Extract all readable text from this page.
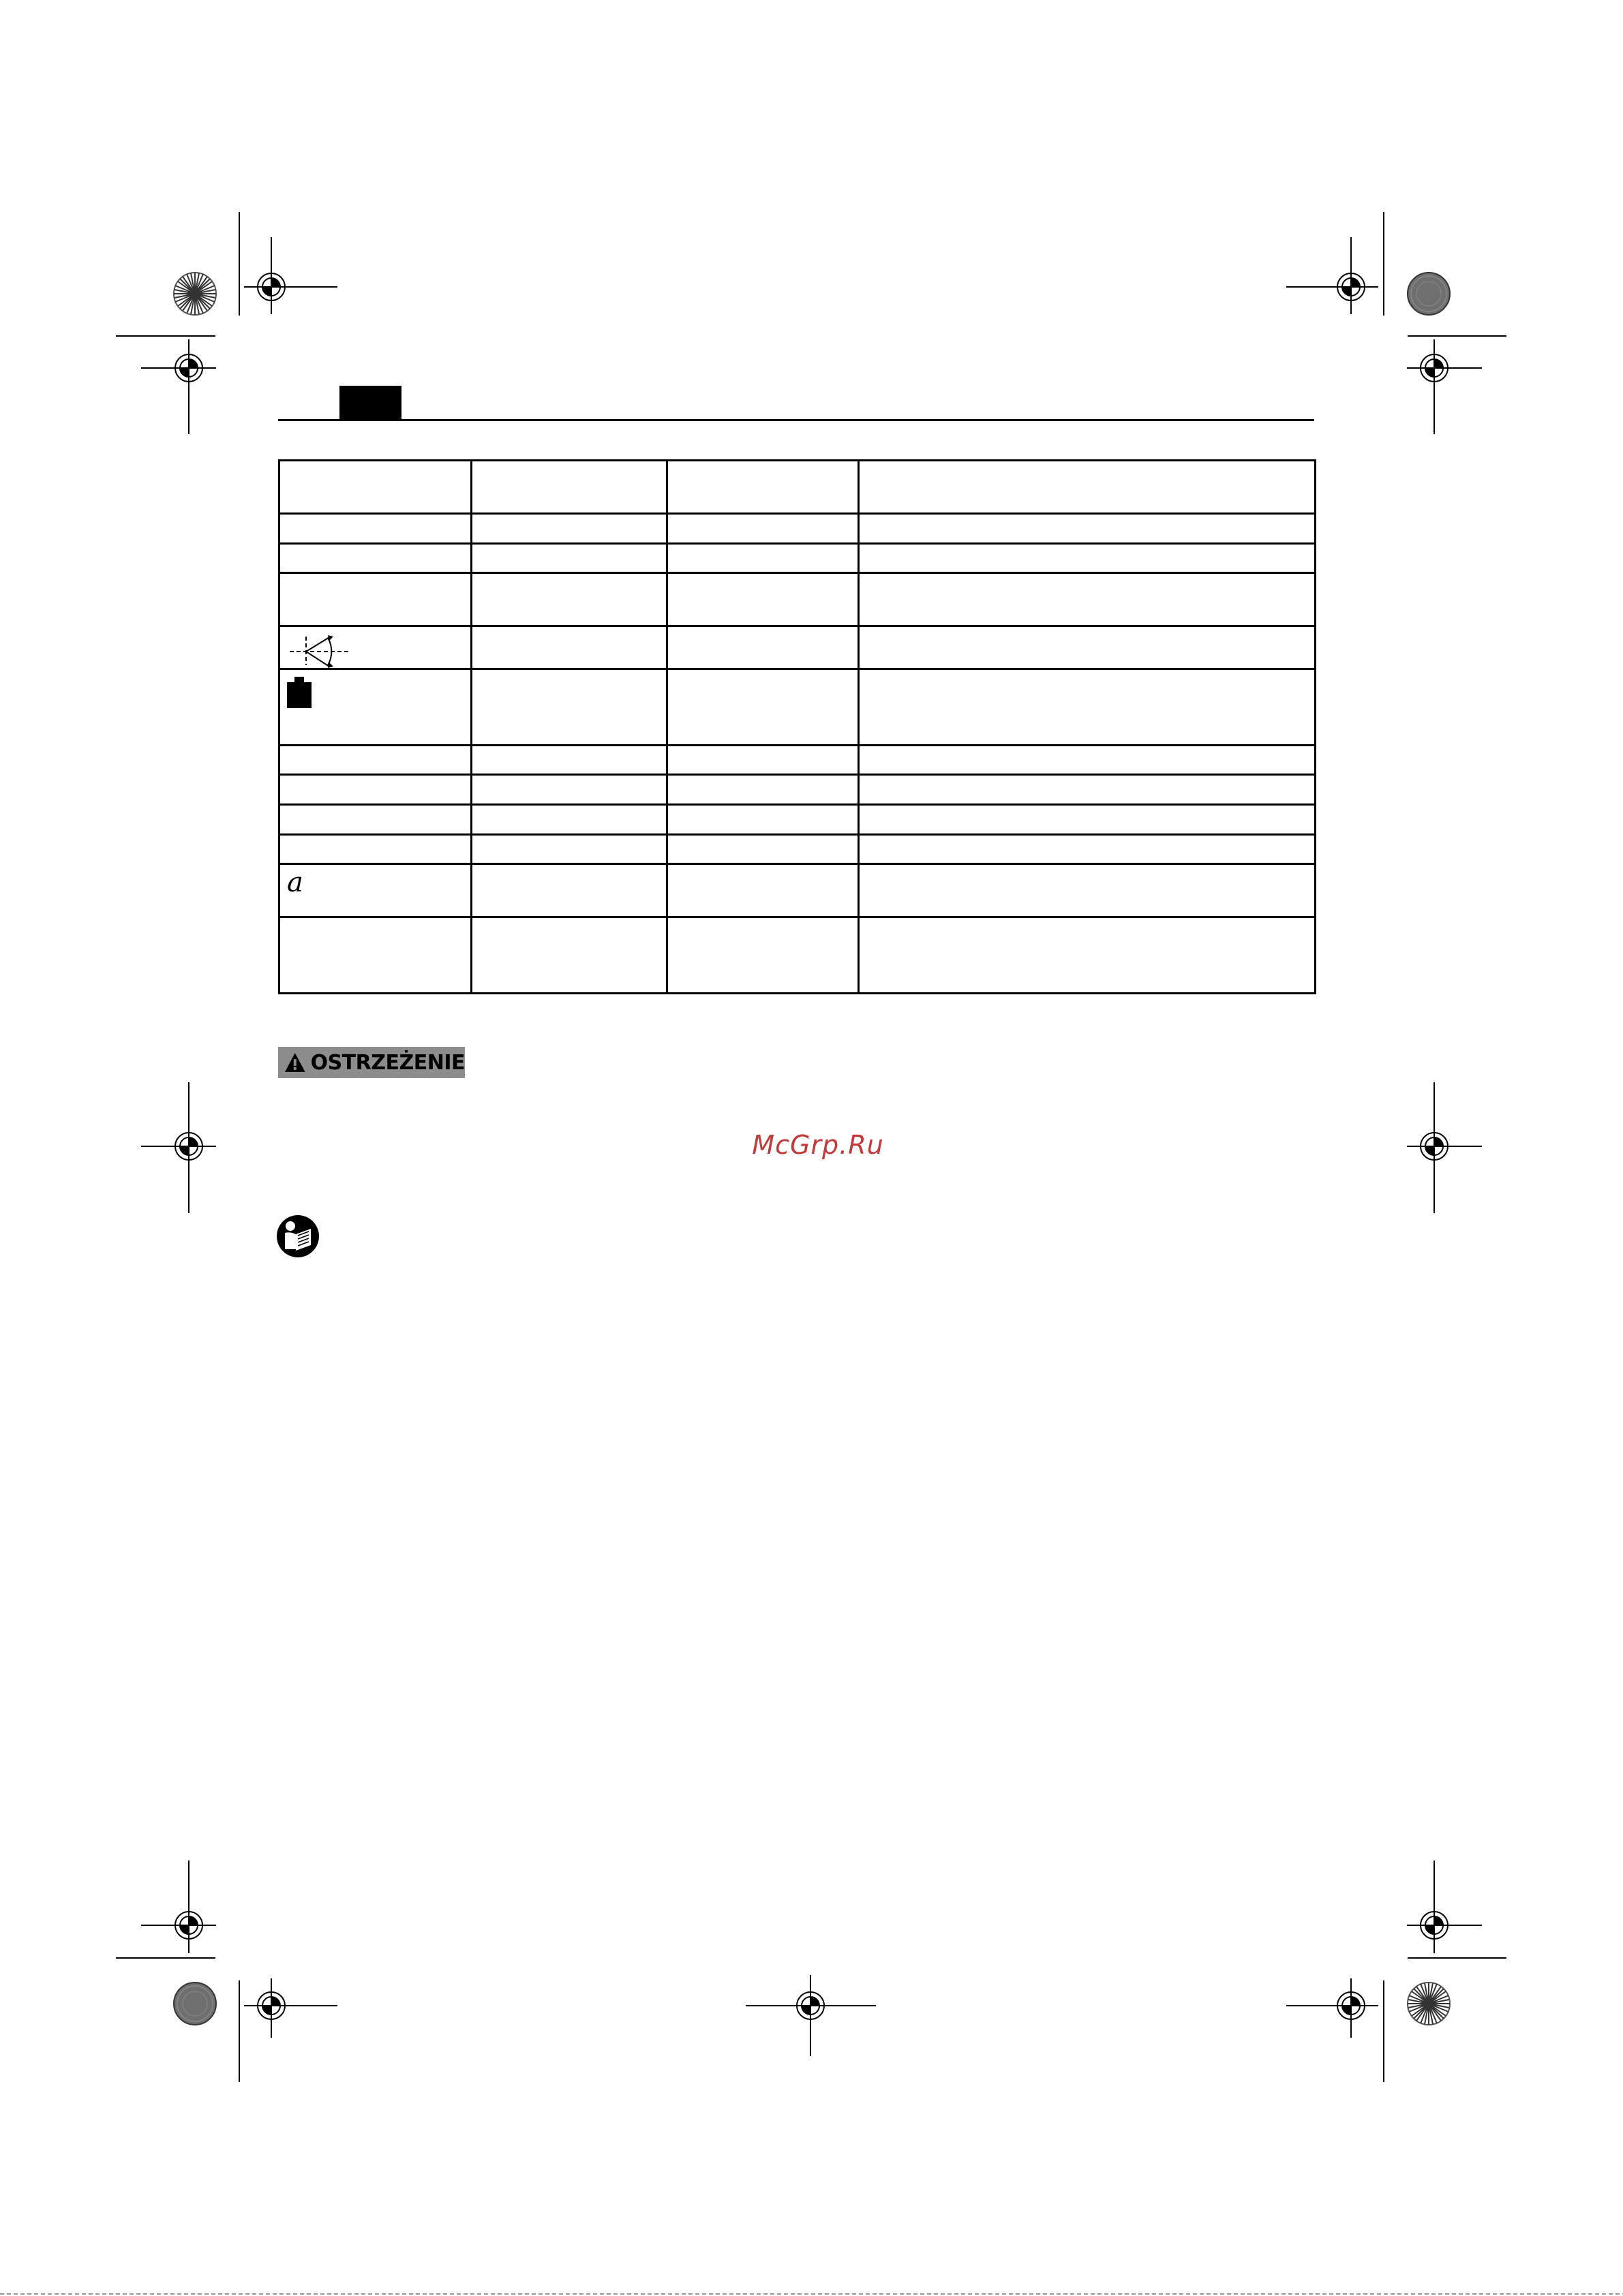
a			

OSTRZEŻENIE
McGrp.Ru
